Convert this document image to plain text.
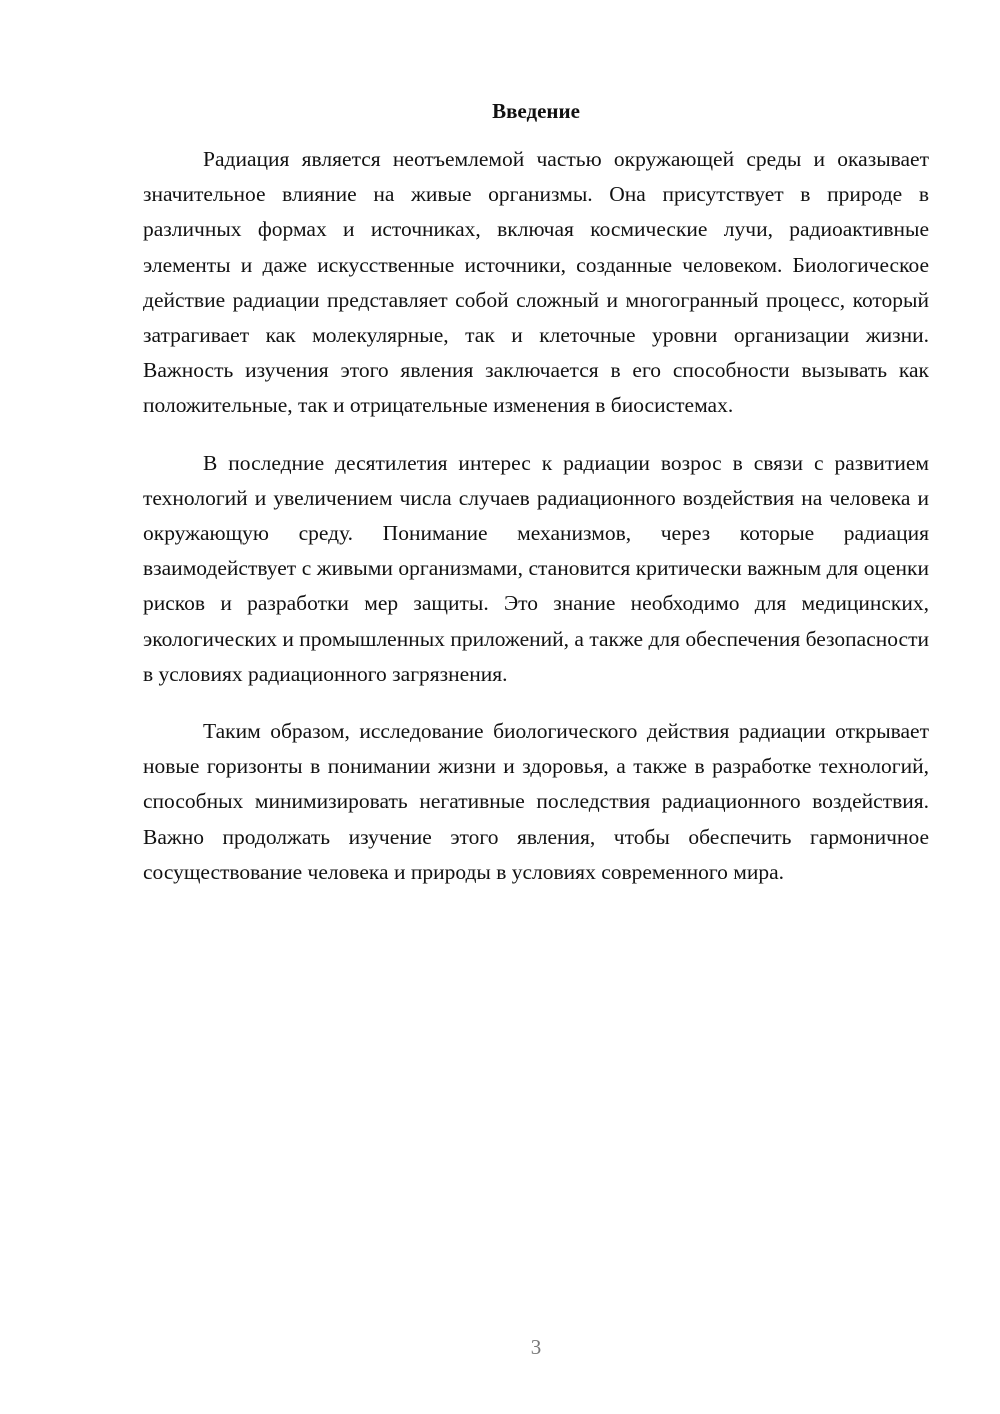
Введение

Радиация является неотъемлемой частью окружающей среды и оказывает значительное влияние на живые организмы. Она присутствует в природе в различных формах и источниках, включая космические лучи, радиоактивные элементы и даже искусственные источники, созданные человеком. Биологическое действие радиации представляет собой сложный и многогранный процесс, который затрагивает как молекулярные, так и клеточные уровни организации жизни. Важность изучения этого явления заключается в его способности вызывать как положительные, так и отрицательные изменения в биосистемах.

В последние десятилетия интерес к радиации возрос в связи с развитием технологий и увеличением числа случаев радиационного воздействия на человека и окружающую среду. Понимание механизмов, через которые радиация взаимодействует с живыми организмами, становится критически важным для оценки рисков и разработки мер защиты. Это знание необходимо для медицинских, экологических и промышленных приложений, а также для обеспечения безопасности в условиях радиационного загрязнения.

Таким образом, исследование биологического действия радиации открывает новые горизонты в понимании жизни и здоровья, а также в разработке технологий, способных минимизировать негативные последствия радиационного воздействия. Важно продолжать изучение этого явления, чтобы обеспечить гармоничное сосуществование человека и природы в условиях современного мира.

3
